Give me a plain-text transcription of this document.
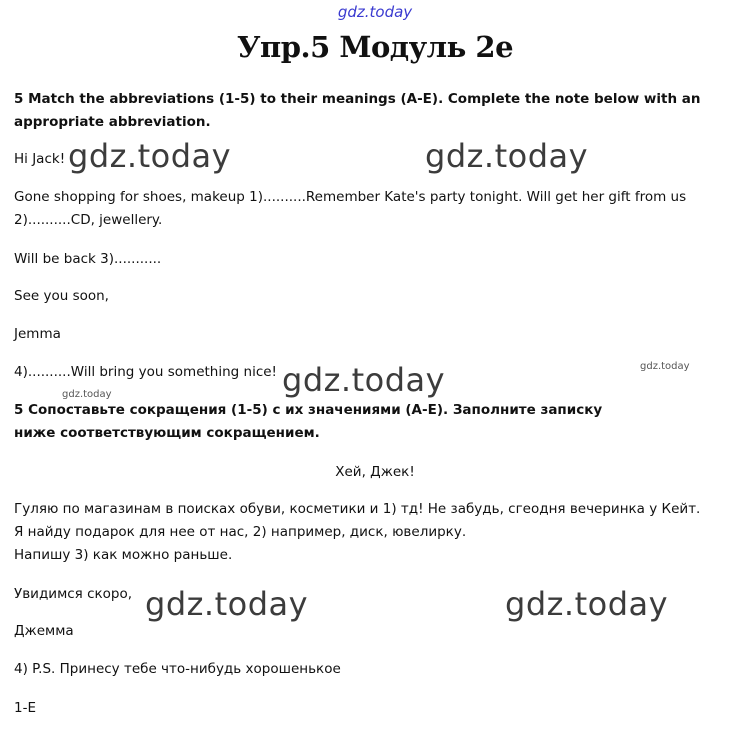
gdz.today
Упр.5 Модуль 2е
5 Match the abbreviations (1-5) to their meanings (A-E). Complete the note below with an appropriate abbreviation.
Hi Jack!
Gone shopping for shoes, makeup 1)..........Remember Kate's party tonight. Will get her gift from us 2)..........CD, jewellery.
Will be back 3)...........
See you soon,
Jemma
4)..........Will bring you something nice!
5 Сопоставьте сокращения (1-5) с их значениями (A-E). Заполните записку ниже соответствующим сокращением.
Хей, Джек!
Гуляю по магазинам в поисках обуви, косметики и 1) тд! Не забудь, сгеодня вечеринка у Кейт. Я найду подарок для нее от нас, 2) например, диск, ювелирку.
Напишу 3) как можно раньше.
Увидимся скоро,
Джемма
4) P.S. Принесу тебе что-нибудь хорошенькое
1-E
gdz.today	gdz.today
gdz.today	gdz.today
gdz.today
gdz.today	gdz.today
